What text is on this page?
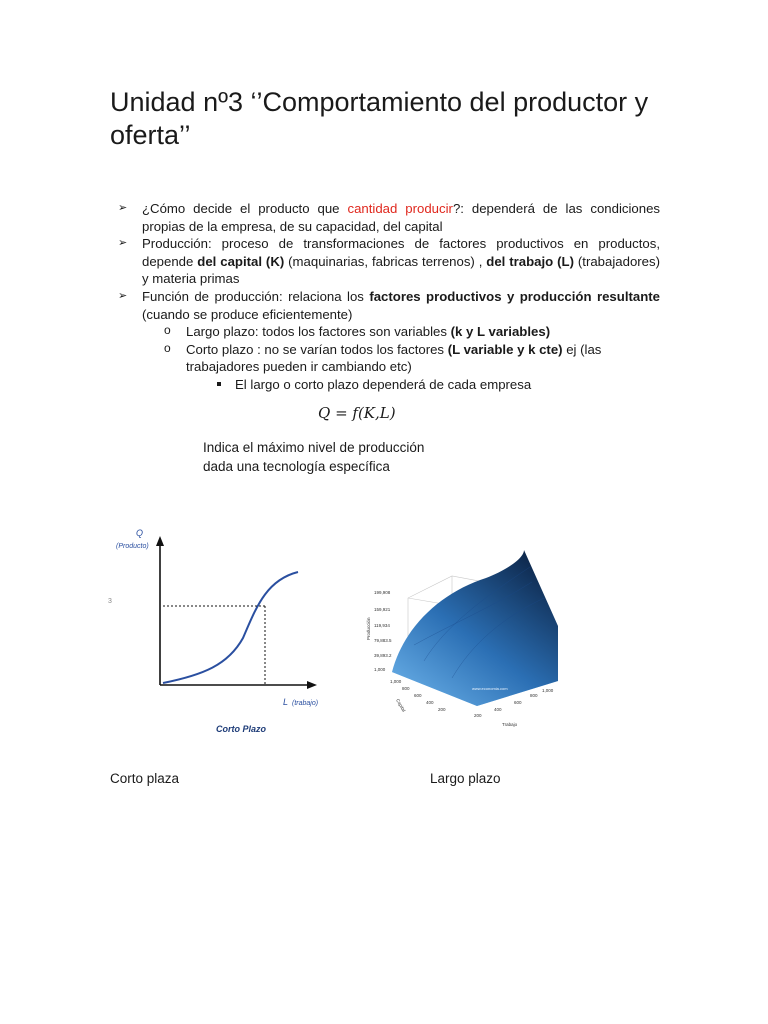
Unidad nº3 ‘’Comportamiento del productor y oferta’’
➢ ¿Cómo decide el producto que cantidad producir?: dependerá de las condiciones propias de la empresa, de su capacidad, del capital
➢ Producción: proceso de transformaciones de factores productivos en productos, depende del capital (K) (maquinarias, fabricas terrenos) , del trabajo (L) (trabajadores) y materia primas
➢ Función de producción: relaciona los factores productivos y producción resultante (cuando se produce eficientemente)
o Largo plazo: todos los factores son variables (k y L variables)
o Corto plazo : no se varían todos los factores (L variable y k cte) ej (las trabajadores pueden ir cambiando etc)
El largo o corto plazo dependerá de cada empresa
Q = f(K,L)
Indica el máximo nivel de producción dada una tecnología específica
Q
(Producto)
3
L (trabajo)
Corto Plazo
199,908
159,921
119,934
79,883.5
39,893.2
1,000
Producción
200
400
600
800
1,000
Trabajo
1,000
800
600
400
200
Capital
www.economia.com
Corto plaza	Largo plazo
